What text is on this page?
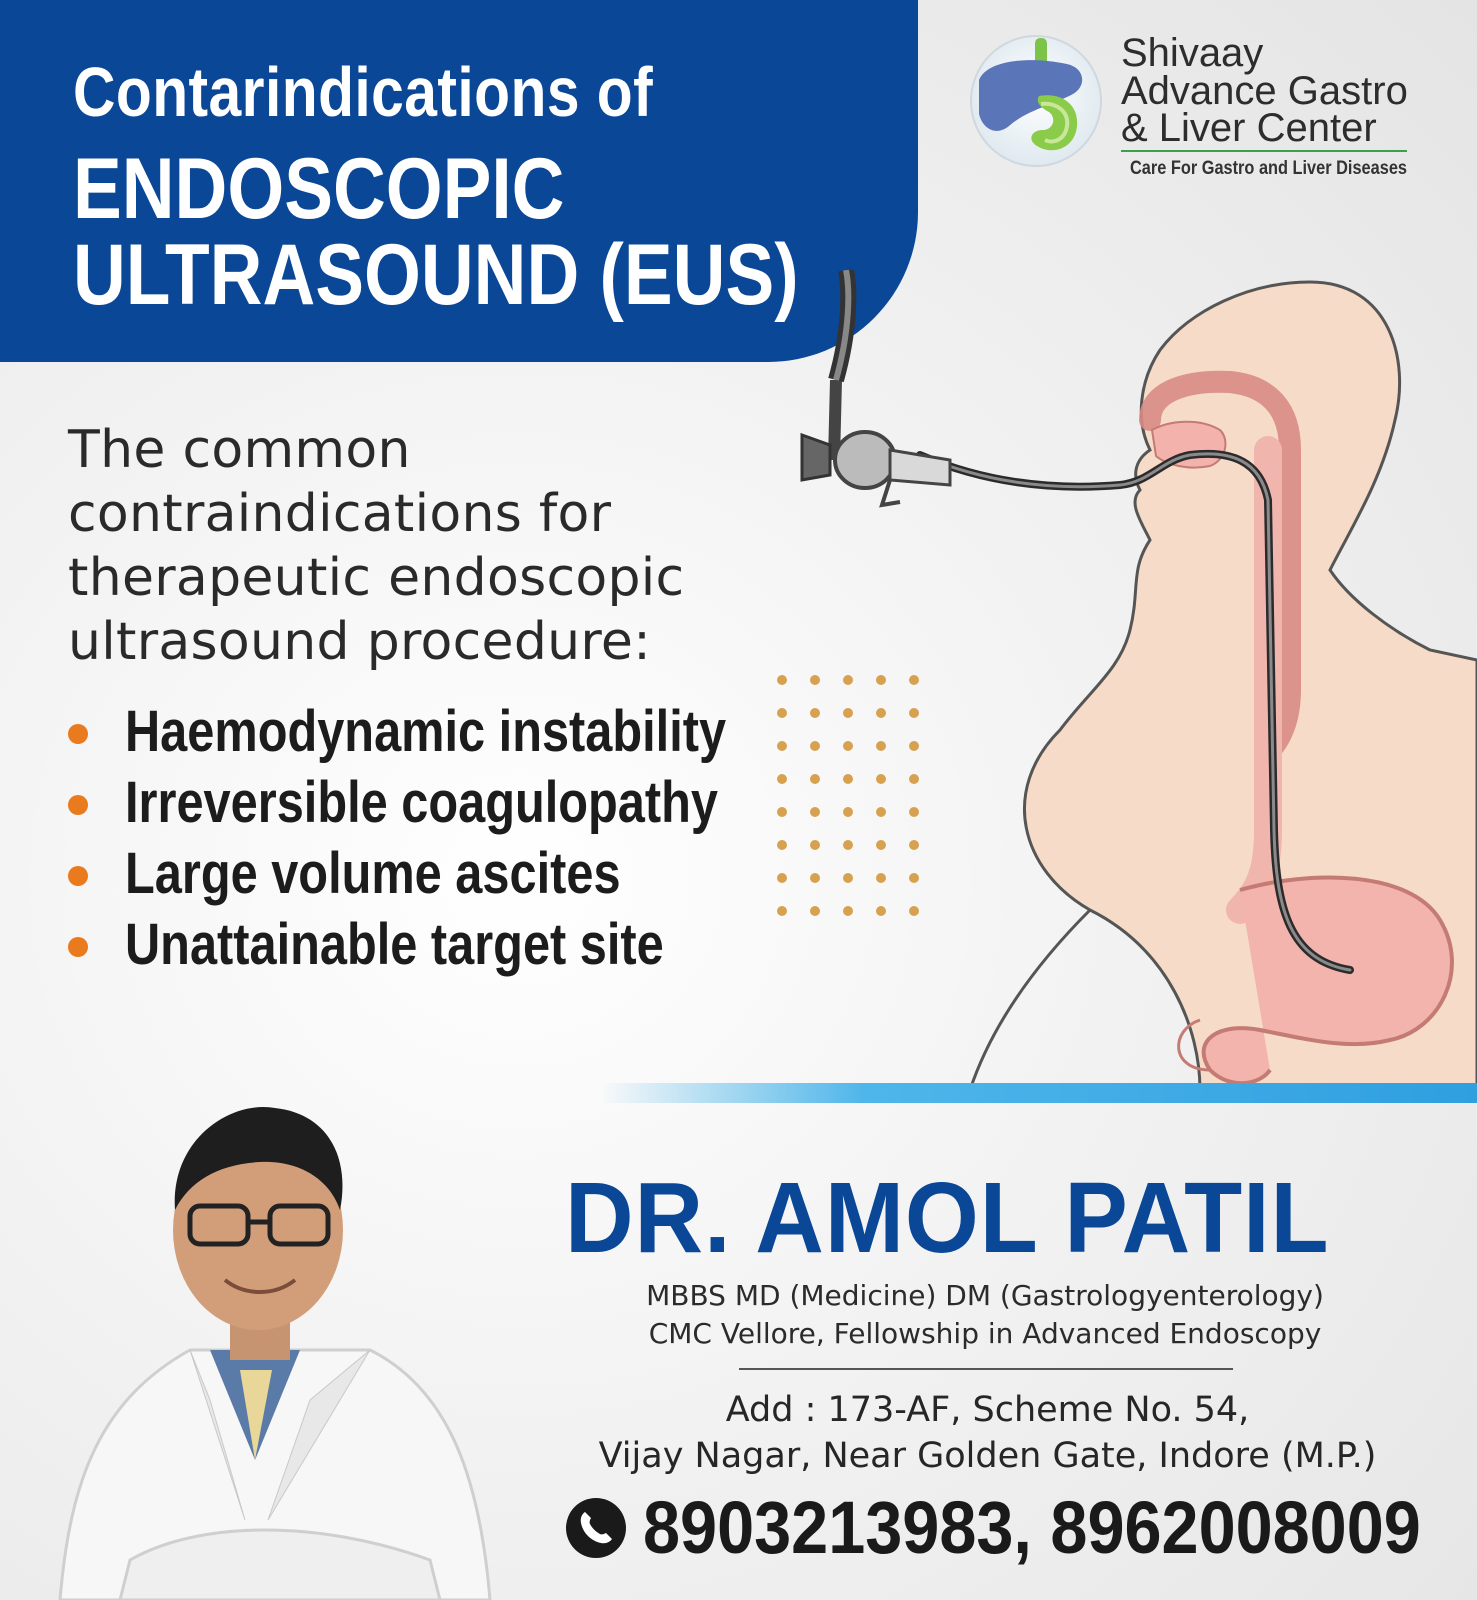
Contarindications of
ENDOSCOPIC
ULTRASOUND (EUS)
Shivaay
Advance Gastro
& Liver Center
Care For Gastro and Liver Diseases
The common
contraindications for
therapeutic endoscopic
ultrasound procedure:
Haemodynamic instability
Irreversible coagulopathy
Large volume ascites
Unattainable target site
DR. AMOL PATIL
MBBS MD (Medicine) DM (Gastrologyenterology)
CMC Vellore, Fellowship in Advanced Endoscopy
Add : 173-AF, Scheme No. 54,
Vijay Nagar, Near Golden Gate, Indore (M.P.)
8903213983, 8962008009
